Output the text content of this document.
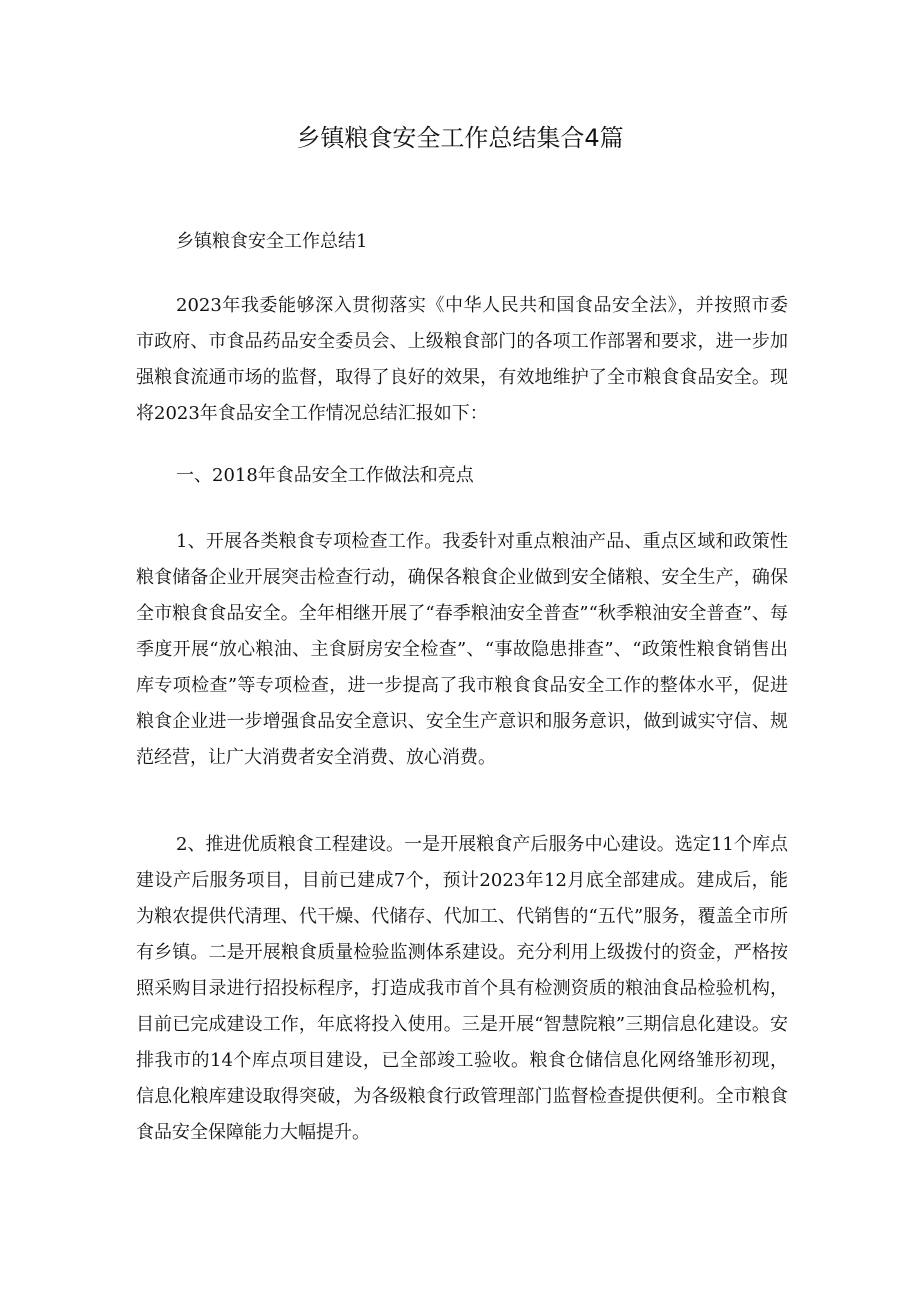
乡镇粮食安全工作总结集合4篇

乡镇粮食安全工作总结1

2023年我委能够深入贯彻落实《中华人民共和国食品安全法》，并按照市委市政府、市食品药品安全委员会、上级粮食部门的各项工作部署和要求，进一步加强粮食流通市场的监督，取得了良好的效果，有效地维护了全市粮食食品安全。现将2023年食品安全工作情况总结汇报如下：

一、2018年食品安全工作做法和亮点

1、开展各类粮食专项检查工作。我委针对重点粮油产品、重点区域和政策性粮食储备企业开展突击检查行动，确保各粮食企业做到安全储粮、安全生产，确保全市粮食食品安全。全年相继开展了“春季粮油安全普查”“秋季粮油安全普查”、每季度开展“放心粮油、主食厨房安全检查”、“事故隐患排查”、“政策性粮食销售出库专项检查”等专项检查，进一步提高了我市粮食食品安全工作的整体水平，促进粮食企业进一步增强食品安全意识、安全生产意识和服务意识，做到诚实守信、规范经营，让广大消费者安全消费、放心消费。

2、推进优质粮食工程建设。一是开展粮食产后服务中心建设。选定11个库点建设产后服务项目，目前已建成7个，预计2023年12月底全部建成。建成后，能为粮农提供代清理、代干燥、代储存、代加工、代销售的“五代”服务，覆盖全市所有乡镇。二是开展粮食质量检验监测体系建设。充分利用上级拨付的资金，严格按照采购目录进行招投标程序，打造成我市首个具有检测资质的粮油食品检验机构，目前已完成建设工作，年底将投入使用。三是开展“智慧院粮”三期信息化建设。安排我市的14个库点项目建设，已全部竣工验收。粮食仓储信息化网络雏形初现，信息化粮库建设取得突破，为各级粮食行政管理部门监督检查提供便利。全市粮食食品安全保障能力大幅提升。
